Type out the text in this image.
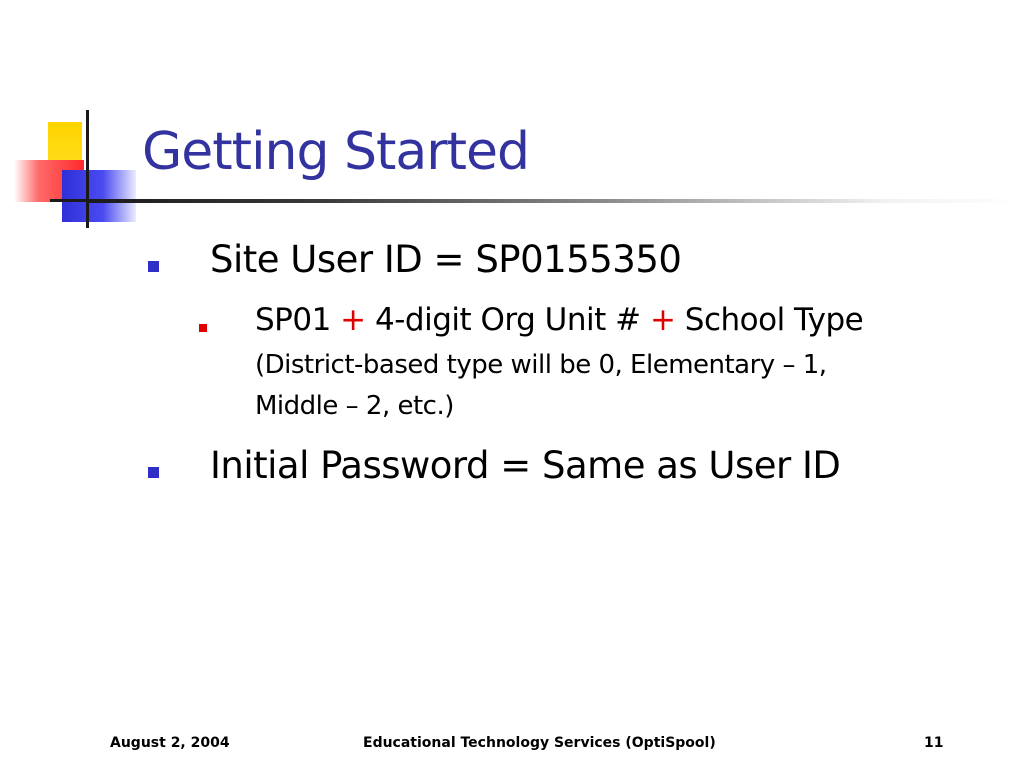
Getting Started
Site User ID = SP0155350
SP01 + 4-digit Org Unit # + School Type
(District-based type will be 0, Elementary – 1,
Middle – 2, etc.)
Initial Password = Same as User ID
August 2, 2004	Educational Technology Services (OptiSpool)	11
